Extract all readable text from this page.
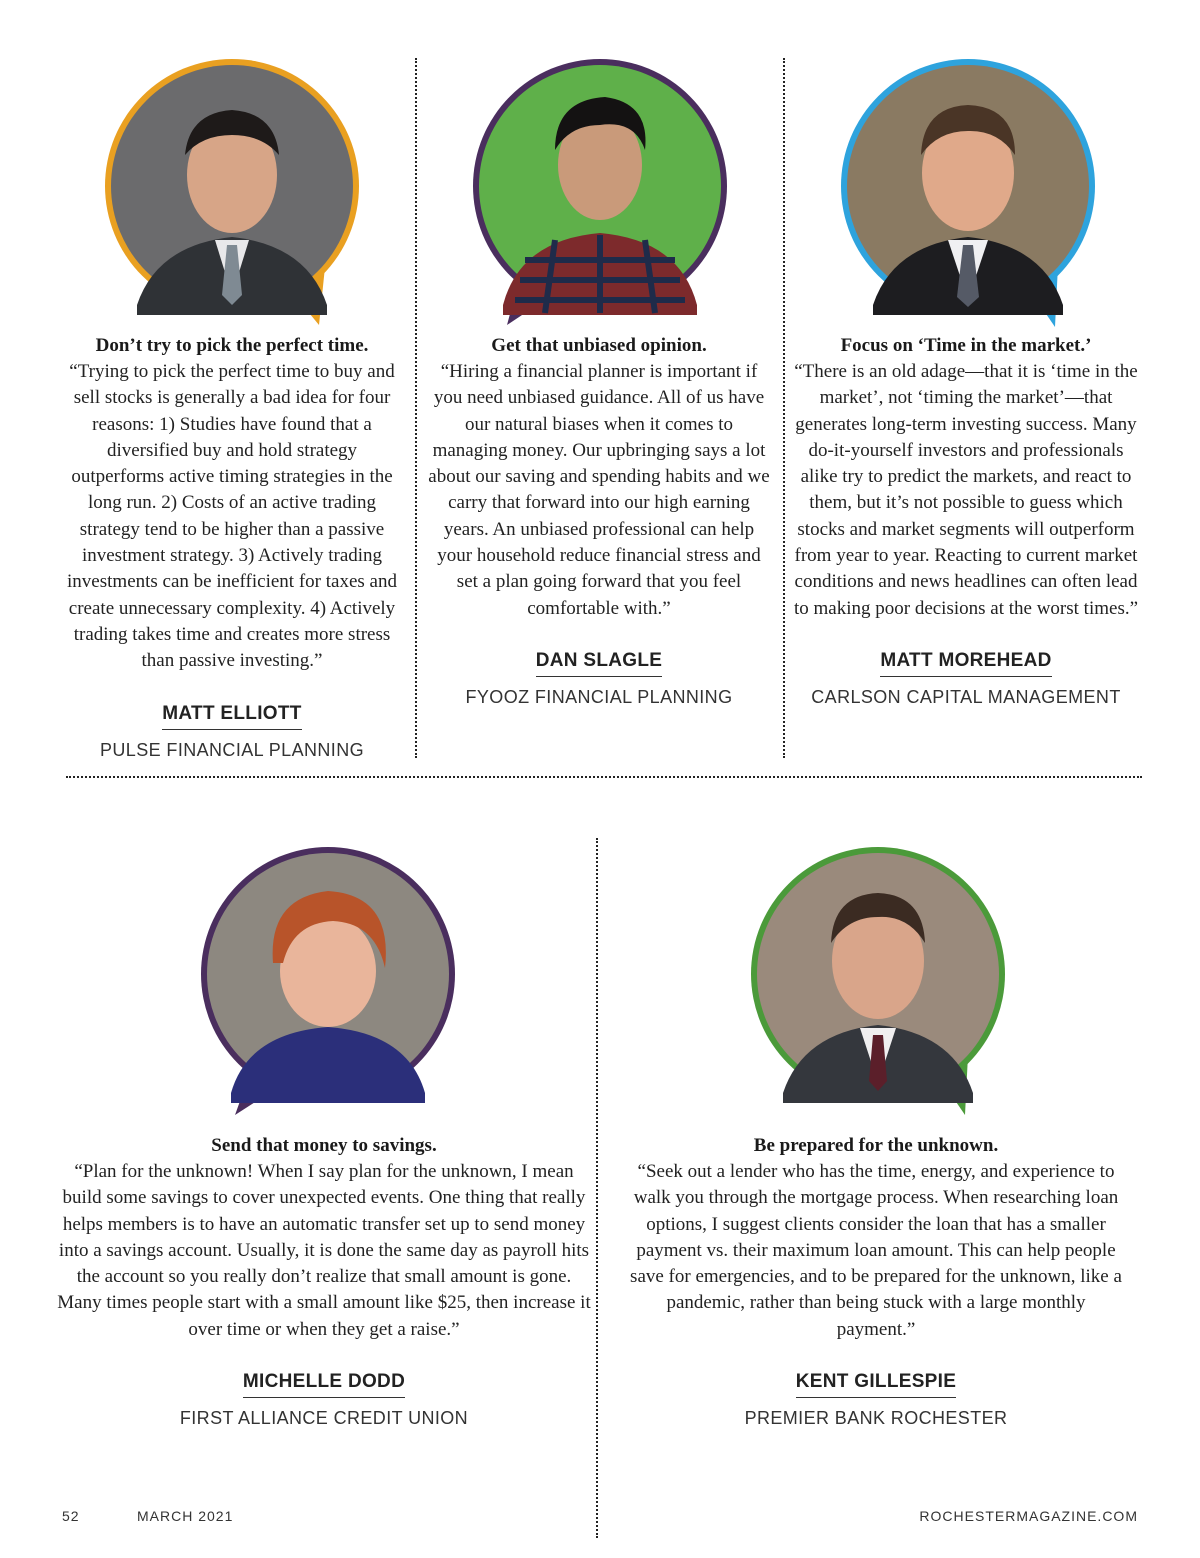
Don’t try to pick the perfect time.

“Trying to pick the perfect time to buy and sell stocks is generally a bad idea for four reasons: 1) Studies have found that a diversified buy and hold strategy outperforms active timing strategies in the long run. 2) Costs of an active trading strategy tend to be higher than a passive investment strategy. 3) Actively trading investments can be inefficient for taxes and create unnecessary complexity. 4) Actively trading takes time and creates more stress than passive investing.”

MATT ELLIOTT
PULSE FINANCIAL PLANNING

Get that unbiased opinion.

“Hiring a financial planner is important if you need unbiased guidance. All of us have our natural biases when it comes to managing money. Our upbringing says a lot about our saving and spending habits and we carry that forward into our high earning years. An unbiased professional can help your household reduce financial stress and set a plan going forward that you feel comfortable with.”

DAN SLAGLE
FYOOZ FINANCIAL PLANNING

Focus on ‘Time in the market.’

“There is an old adage—that it is ‘time in the market’, not ‘timing the market’—that generates long-term investing success. Many do-it-yourself investors and professionals alike try to predict the markets, and react to them, but it’s not possible to guess which stocks and market segments will outperform from year to year. Reacting to current market conditions and news headlines can often lead to making poor decisions at the worst times.”

MATT MOREHEAD
CARLSON CAPITAL MANAGEMENT

Send that money to savings.

“Plan for the unknown! When I say plan for the unknown, I mean build some savings to cover unexpected events. One thing that really helps members is to have an automatic transfer set up to send money into a savings account. Usually, it is done the same day as payroll hits the account so you really don’t realize that small amount is gone. Many times people start with a small amount like $25, then increase it over time or when they get a raise.”

MICHELLE DODD
FIRST ALLIANCE CREDIT UNION

Be prepared for the unknown.

“Seek out a lender who has the time, energy, and experience to walk you through the mortgage process. When researching loan options, I suggest clients consider the loan that has a smaller payment vs. their maximum loan amount. This can help people save for emergencies, and to be prepared for the unknown, like a pandemic, rather than being stuck with a large monthly payment.”

KENT GILLESPIE
PREMIER BANK ROCHESTER
52	MARCH 2021	ROCHESTERMAGAZINE.COM
